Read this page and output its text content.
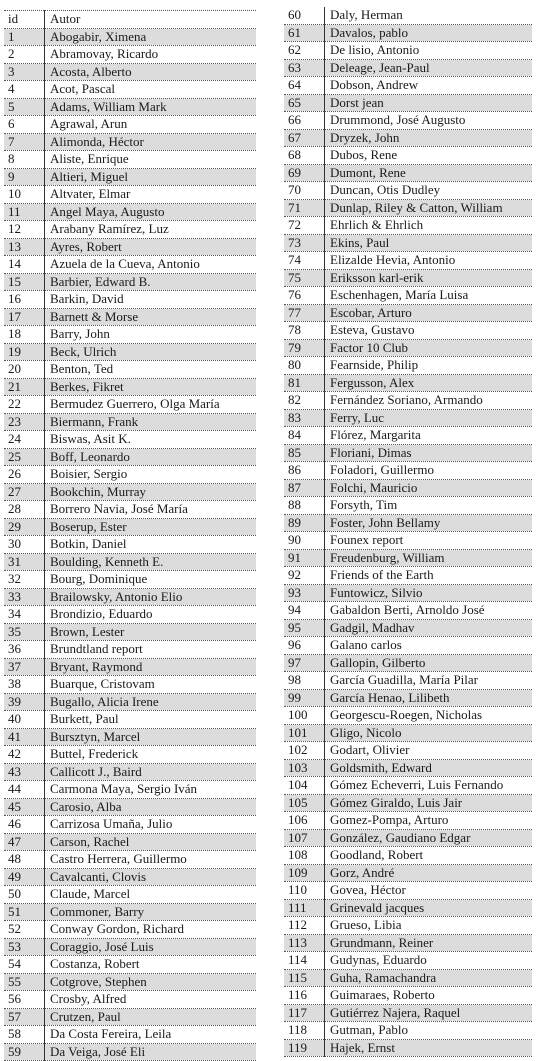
id	Autor
1	Abogabir, Ximena
2	Abramovay, Ricardo
3	Acosta, Alberto
4	Acot, Pascal
5	Adams, William Mark
6	Agrawal, Arun
7	Alimonda, Héctor
8	Aliste, Enrique
9	Altieri, Miguel
10	Altvater, Elmar
11	Angel Maya, Augusto
12	Arabany Ramírez, Luz
13	Ayres, Robert
14	Azuela de la Cueva, Antonio
15	Barbier, Edward B.
16	Barkin, David
17	Barnett & Morse
18	Barry, John
19	Beck, Ulrich
20	Benton, Ted
21	Berkes, Fikret
22	Bermudez Guerrero, Olga María
23	Biermann, Frank
24	Biswas, Asit K.
25	Boff, Leonardo
26	Boisier, Sergio
27	Bookchin, Murray
28	Borrero Navia, José María
29	Boserup, Ester
30	Botkin, Daniel
31	Boulding, Kenneth E.
32	Bourg, Dominique
33	Brailowsky, Antonio Elio
34	Brondizio, Eduardo
35	Brown, Lester
36	Brundtland report
37	Bryant, Raymond
38	Buarque, Cristovam
39	Bugallo, Alicia Irene
40	Burkett, Paul
41	Bursztyn, Marcel
42	Buttel, Frederick
43	Callicott J., Baird
44	Carmona Maya, Sergio Iván
45	Carosio, Alba
46	Carrizosa Umaña, Julio
47	Carson, Rachel
48	Castro Herrera, Guillermo
49	Cavalcanti, Clovis
50	Claude, Marcel
51	Commoner, Barry
52	Conway Gordon, Richard
53	Coraggio, José Luis
54	Costanza, Robert
55	Cotgrove, Stephen
56	Crosby, Alfred
57	Crutzen, Paul
58	Da Costa Fereira, Leila
59	Da Veiga, José Eli
60	Daly, Herman
61	Davalos, pablo
62	De lisio, Antonio
63	Deleage, Jean-Paul
64	Dobson, Andrew
65	Dorst jean
66	Drummond, José Augusto
67	Dryzek, John
68	Dubos, Rene
69	Dumont, Rene
70	Duncan, Otis Dudley
71	Dunlap, Riley & Catton, William
72	Ehrlich & Ehrlich
73	Ekins, Paul
74	Elizalde Hevia, Antonio
75	Eriksson karl-erik
76	Eschenhagen, María Luisa
77	Escobar, Arturo
78	Esteva, Gustavo
79	Factor 10 Club
80	Fearnside, Philip
81	Fergusson, Alex
82	Fernández Soriano, Armando
83	Ferry, Luc
84	Flórez, Margarita
85	Floriani, Dimas
86	Foladori, Guillermo
87	Folchi, Mauricio
88	Forsyth, Tim
89	Foster, John Bellamy
90	Founex report
91	Freudenburg, William
92	Friends of the Earth
93	Funtowicz, Silvio
94	Gabaldon Berti, Arnoldo José
95	Gadgil, Madhav
96	Galano carlos
97	Gallopin, Gilberto
98	García Guadilla, María Pilar
99	García Henao, Lilibeth
100	Georgescu-Roegen, Nicholas
101	Gligo, Nicolo
102	Godart, Olivier
103	Goldsmith, Edward
104	Gómez Echeverri, Luis Fernando
105	Gómez Giraldo, Luis Jair
106	Gomez-Pompa, Arturo
107	González, Gaudiano Edgar
108	Goodland, Robert
109	Gorz, André
110	Govea, Héctor
111	Grinevald jacques
112	Grueso, Libia
113	Grundmann, Reiner
114	Gudynas, Eduardo
115	Guha, Ramachandra
116	Guimaraes, Roberto
117	Gutiérrez Najera, Raquel
118	Gutman, Pablo
119	Hajek, Ernst
